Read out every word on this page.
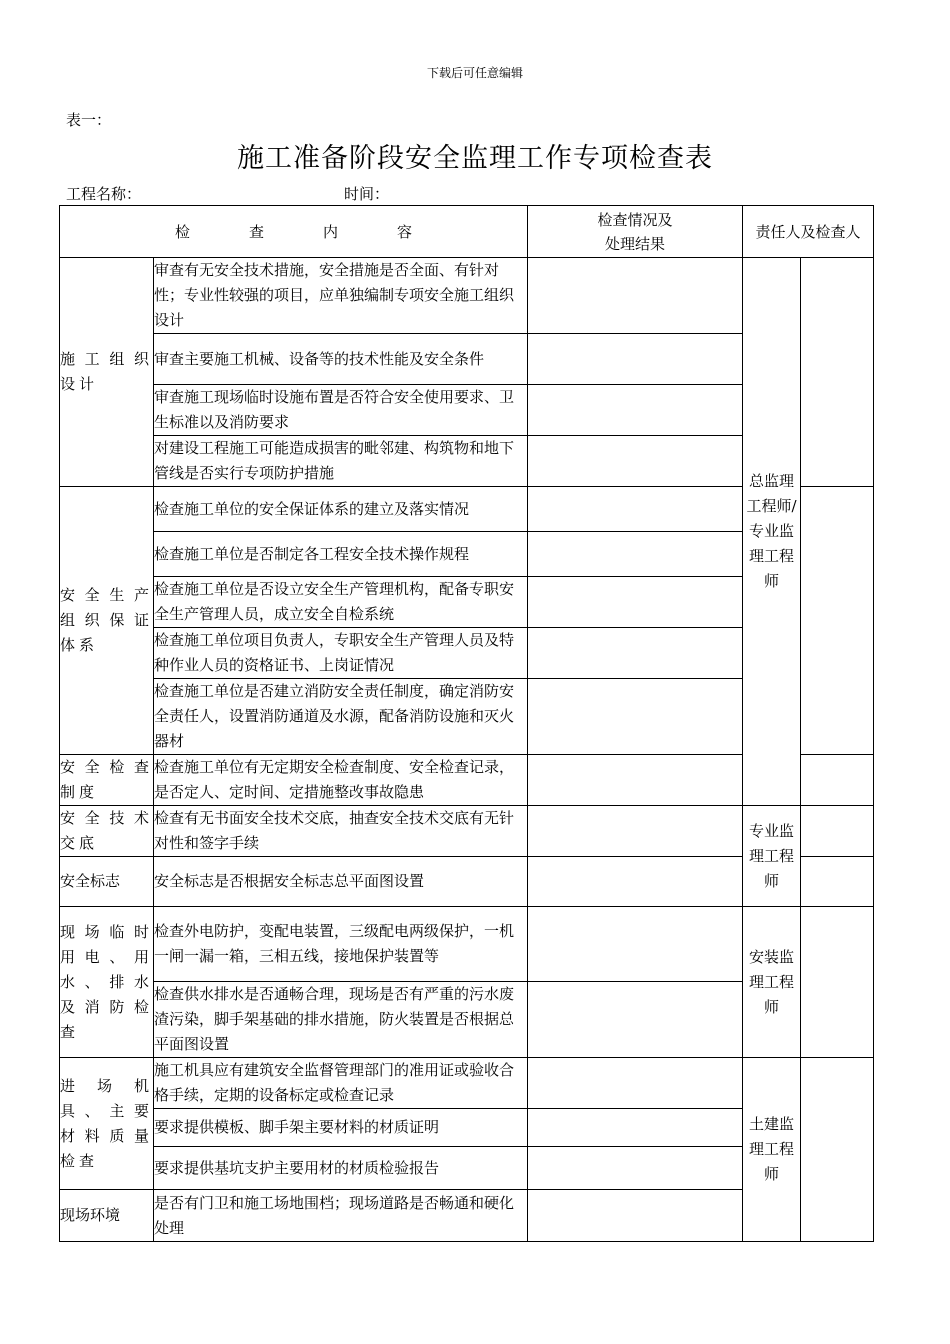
下载后可任意编辑
表一：
施工准备阶段安全监理工作专项检查表
工程名称：	时间：
检　查　内　容		检查情况及
处理结果	责任人及检查人	
施工组织设计	审查有无安全技术措施，安全措施是否全面、有针对性；专业性较强的项目，应单独编制专项安全施工组织设计		总监理工程师/专业监理工程师	
	审查主要施工机械、设备等的技术性能及安全条件			
	审查施工现场临时设施布置是否符合安全使用要求、卫生标准以及消防要求			
	对建设工程施工可能造成损害的毗邻建、构筑物和地下管线是否实行专项防护措施			
安全生产组织保证体系	检查施工单位的安全保证体系的建立及落实情况			
	检查施工单位是否制定各工程安全技术操作规程			
	检查施工单位是否设立安全生产管理机构，配备专职安全生产管理人员，成立安全自检系统			
	检查施工单位项目负责人，专职安全生产管理人员及特种作业人员的资格证书、上岗证情况			
	检查施工单位是否建立消防安全责任制度，确定消防安全责任人，设置消防通道及水源，配备消防设施和灭火器材			
安全检查制度	检查施工单位有无定期安全检查制度、安全检查记录，是否定人、定时间、定措施整改事故隐患			
安全技术交底	检查有无书面安全技术交底，抽查安全技术交底有无针对性和签字手续		专业监理工程师	
安全标志	安全标志是否根据安全标志总平面图设置			
现场临时用电、用水、排水及消防检查	检查外电防护，变配电装置，三级配电两级保护，一机一闸一漏一箱，三相五线，接地保护装置等		安装监理工程师	
	检查供水排水是否通畅合理，现场是否有严重的污水废渣污染，脚手架基础的排水措施，防火装置是否根据总平面图设置			
进场机具、主要材料质量检查	施工机具应有建筑安全监督管理部门的准用证或验收合格手续，定期的设备标定或检查记录		土建监理工程师	
	要求提供模板、脚手架主要材料的材质证明			
	要求提供基坑支护主要用材的材质检验报告			
现场环境	是否有门卫和施工场地围档；现场道路是否畅通和硬化处理			
